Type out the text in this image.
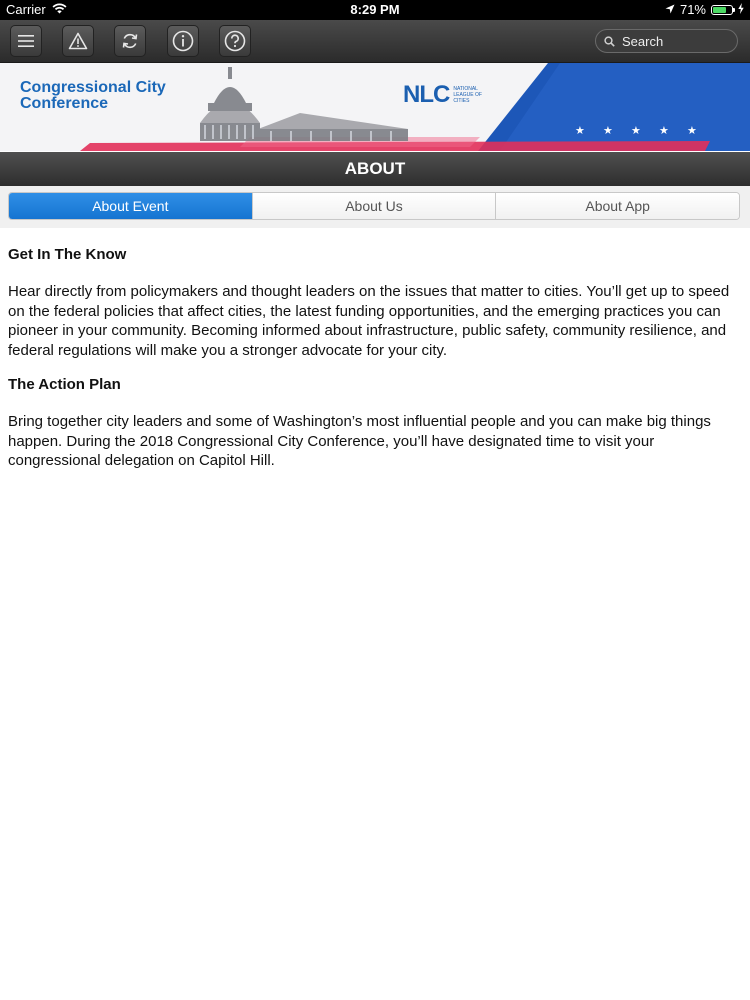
Carrier	8:29 PM	71%
Search
★ ★ ★ ★ ★
Congressional City Conference	NLC NATIONAL LEAGUE OF CITIES
ABOUT
About Event	About Us	About App
Get In The Know

Hear directly from policymakers and thought leaders on the issues that matter to cities. You’ll get up to speed on the federal policies that affect cities, the latest funding opportunities, and the emerging practices you can pioneer in your community. Becoming informed about infrastructure, public safety, community resilience, and federal regulations will make you a stronger advocate for your city.

The Action Plan

Bring together city leaders and some of Washington’s most influential people and you can make big things happen. During the 2018 Congressional City Conference, you’ll have designated time to visit your congressional delegation on Capitol Hill.
